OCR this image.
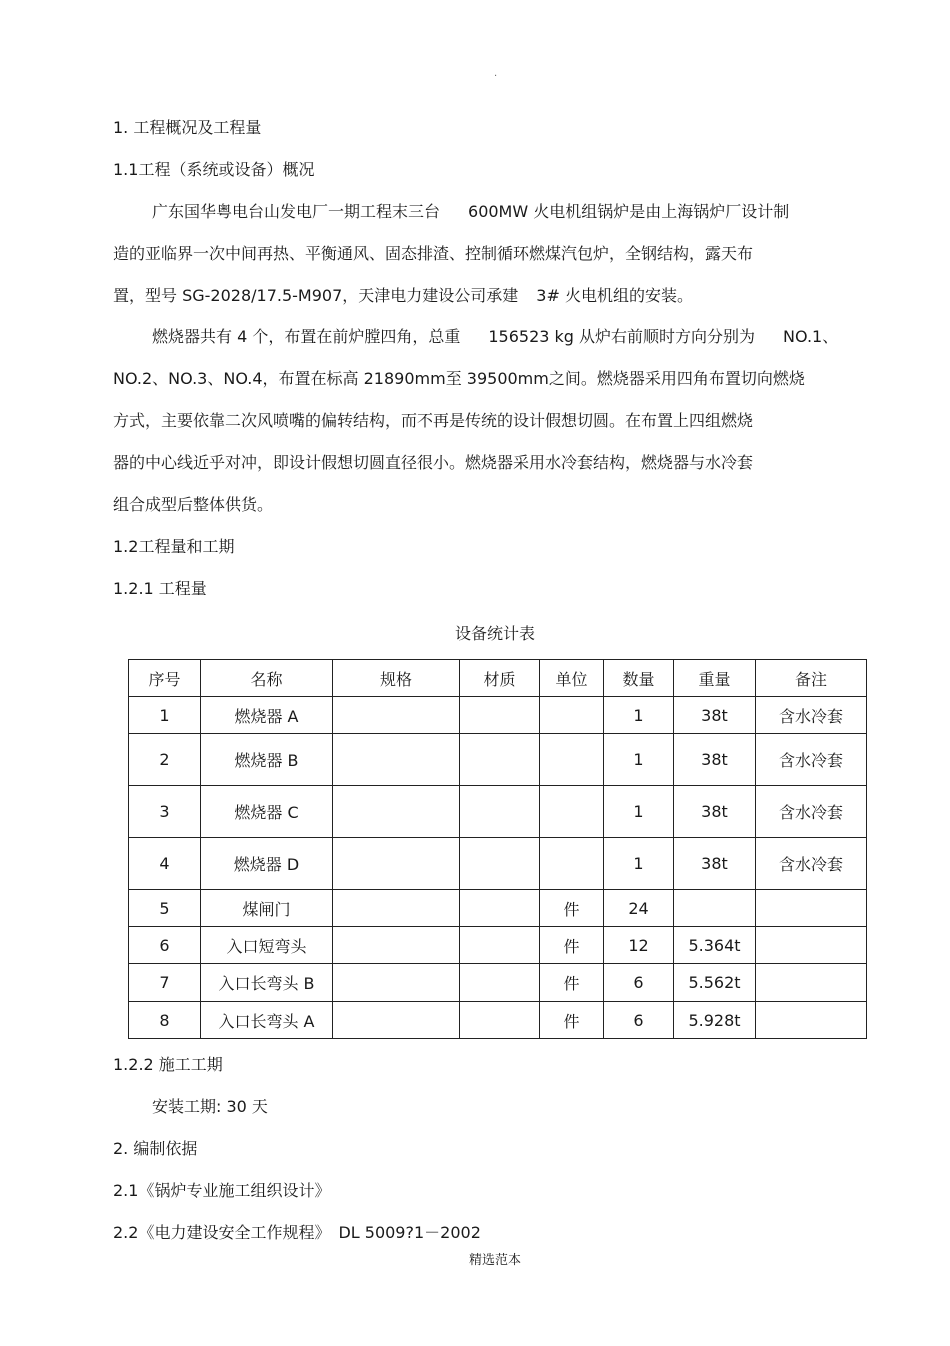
.
1. 工程概况及工程量
1.1工程（系统或设备）概况
广东国华粤电台山发电厂一期工程末三台 600MW 火电机组锅炉是由上海锅炉厂设计制
造的亚临界一次中间再热、平衡通风、固态排渣、控制循环燃煤汽包炉，全钢结构，露天布
置，型号 SG-2028/17.5-M907，天津电力建设公司承建 3# 火电机组的安装。
燃烧器共有 4 个，布置在前炉膛四角，总重 156523 kg 从炉右前顺时方向分别为 NO.1、
NO.2、NO.3、NO.4，布置在标高 21890mm至 39500mm之间。燃烧器采用四角布置切向燃烧
方式，主要依靠二次风喷嘴的偏转结构，而不再是传统的设计假想切圆。在布置上四组燃烧
器的中心线近乎对冲，即设计假想切圆直径很小。燃烧器采用水冷套结构，燃烧器与水冷套
组合成型后整体供货。
1.2工程量和工期
1.2.1 工程量
设备统计表
序号	名称	规格	材质	单位	数量	重量	备注
1	燃烧器 A				1	38t	含水冷套
2	燃烧器 B				1	38t	含水冷套
3	燃烧器 C				1	38t	含水冷套
4	燃烧器 D				1	38t	含水冷套
5	煤闸门			件	24		
6	入口短弯头			件	12	5.364t	
7	入口长弯头 B			件	6	5.562t	
8	入口长弯头 A			件	6	5.928t	
1.2.2 施工工期
安装工期: 30 天
2. 编制依据
2.1《锅炉专业施工组织设计》
2.2《电力建设安全工作规程》　DL 5009?1－2002
精选范本
